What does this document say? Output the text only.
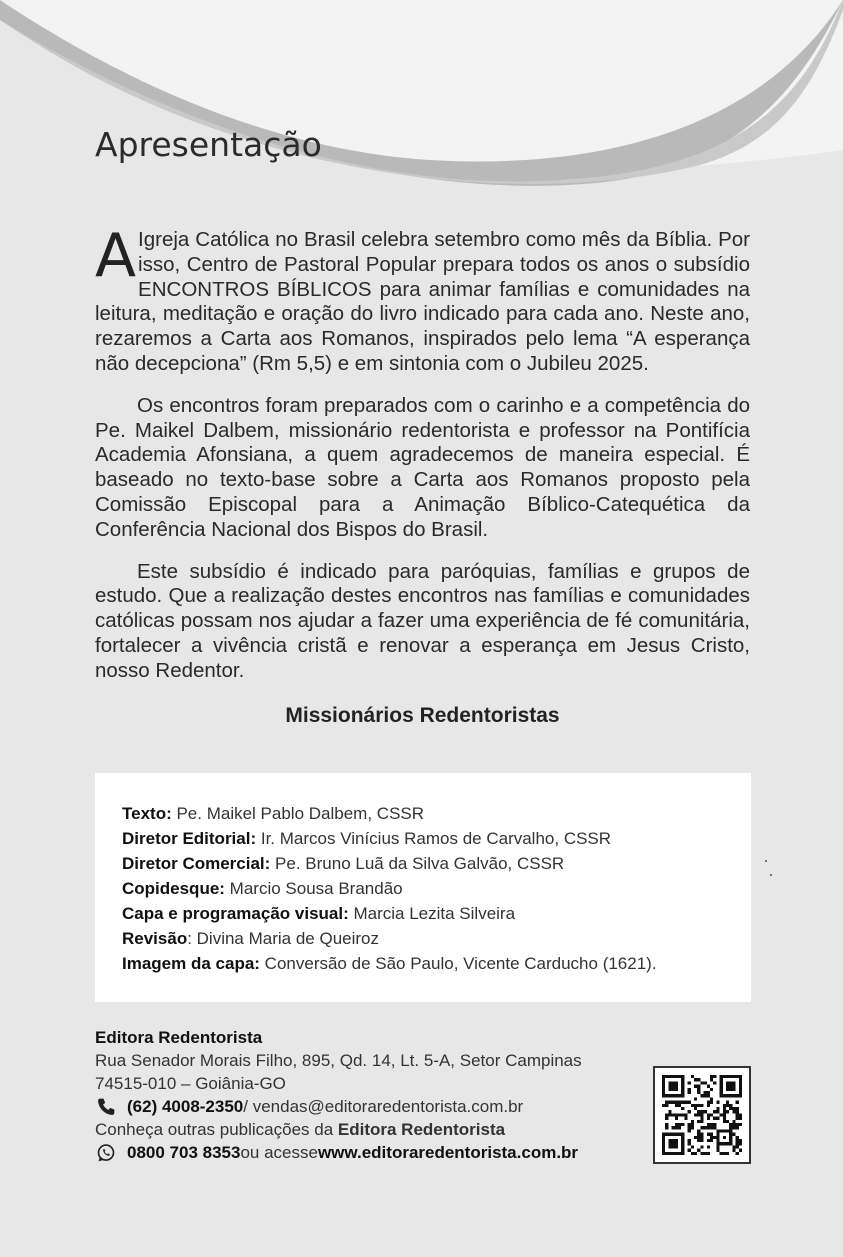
Apresentação

A Igreja Católica no Brasil celebra setembro como mês da Bíblia. Por isso, Centro de Pastoral Popular prepara todos os anos o subsídio ENCONTROS BÍBLICOS para animar famílias e comunidades na leitura, meditação e oração do livro indicado para cada ano. Neste ano, rezaremos a Carta aos Romanos, inspirados pelo lema “A esperança não decepciona” (Rm 5,5) e em sintonia com o Jubileu 2025.

Os encontros foram preparados com o carinho e a competência do Pe. Maikel Dalbem, missionário redentorista e professor na Pontifícia Academia Afonsiana, a quem agradecemos de maneira especial. É baseado no texto-base sobre a Carta aos Romanos proposto pela Comissão Episcopal para a Animação Bíblico-Catequética da Conferência Nacional dos Bispos do Brasil.

Este subsídio é indicado para paróquias, famílias e grupos de estudo. Que a realização destes encontros nas famílias e comunidades católicas possam nos ajudar a fazer uma experiência de fé comunitária, fortalecer a vivência cristã e renovar a esperança em Jesus Cristo, nosso Redentor.

Missionários Redentoristas
Texto: Pe. Maikel Pablo Dalbem, CSSR
Diretor Editorial: Ir. Marcos Vinícius Ramos de Carvalho, CSSR
Diretor Comercial: Pe. Bruno Luã da Silva Galvão, CSSR
Copidesque: Marcio Sousa Brandão
Capa e programação visual: Marcia Lezita Silveira
Revisão: Divina Maria de Queiroz
Imagem da capa: Conversão de São Paulo, Vicente Carducho (1621).
Editora Redentorista
Rua Senador Morais Filho, 895, Qd. 14, Lt. 5-A, Setor Campinas
74515-010 – Goiânia-GO
(62) 4008-2350 / vendas@editoraredentorista.com.br
Conheça outras publicações da Editora Redentorista
0800 703 8353 ou acesse www.editoraredentorista.com.br
